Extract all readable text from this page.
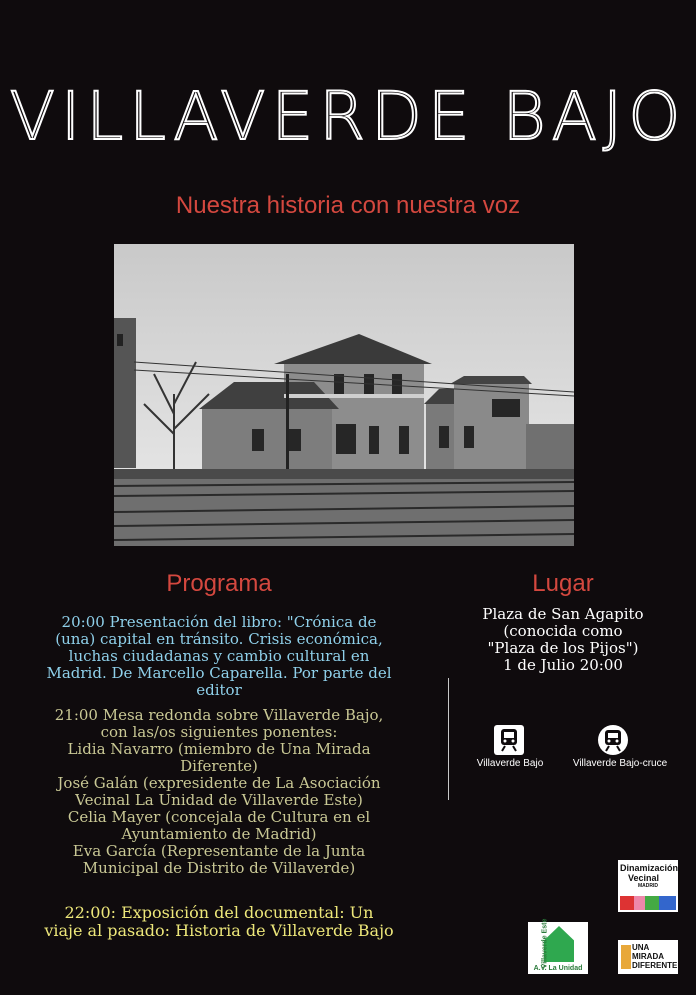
VILLAVERDE BAJO
Nuestra historia con nuestra voz
Programa
20:00 Presentación del libro: "Crónica de (una) capital en tránsito. Crisis económica, luchas ciudadanas y cambio cultural en Madrid. De Marcello Caparella. Por parte del editor
21:00 Mesa redonda sobre Villaverde Bajo, con las/os siguientes ponentes:
Lidia Navarro (miembro de Una Mirada Diferente)
José Galán (expresidente de La Asociación Vecinal La Unidad de Villaverde Este)
Celia Mayer (concejala de Cultura en el Ayuntamiento de Madrid)
Eva García (Representante de la Junta Municipal de Distrito de Villaverde)
22:00: Exposición del documental: Un viaje al pasado: Historia de Villaverde Bajo
Lugar
Plaza de San Agapito (conocida como "Plaza de los Pijos")
1 de Julio 20:00
Villaverde Bajo	Villaverde Bajo-cruce
Dinamización
Vecinal
MADRID
Villaverde Este
A.V. La Unidad
UNA
MIRADA
DIFERENTE
